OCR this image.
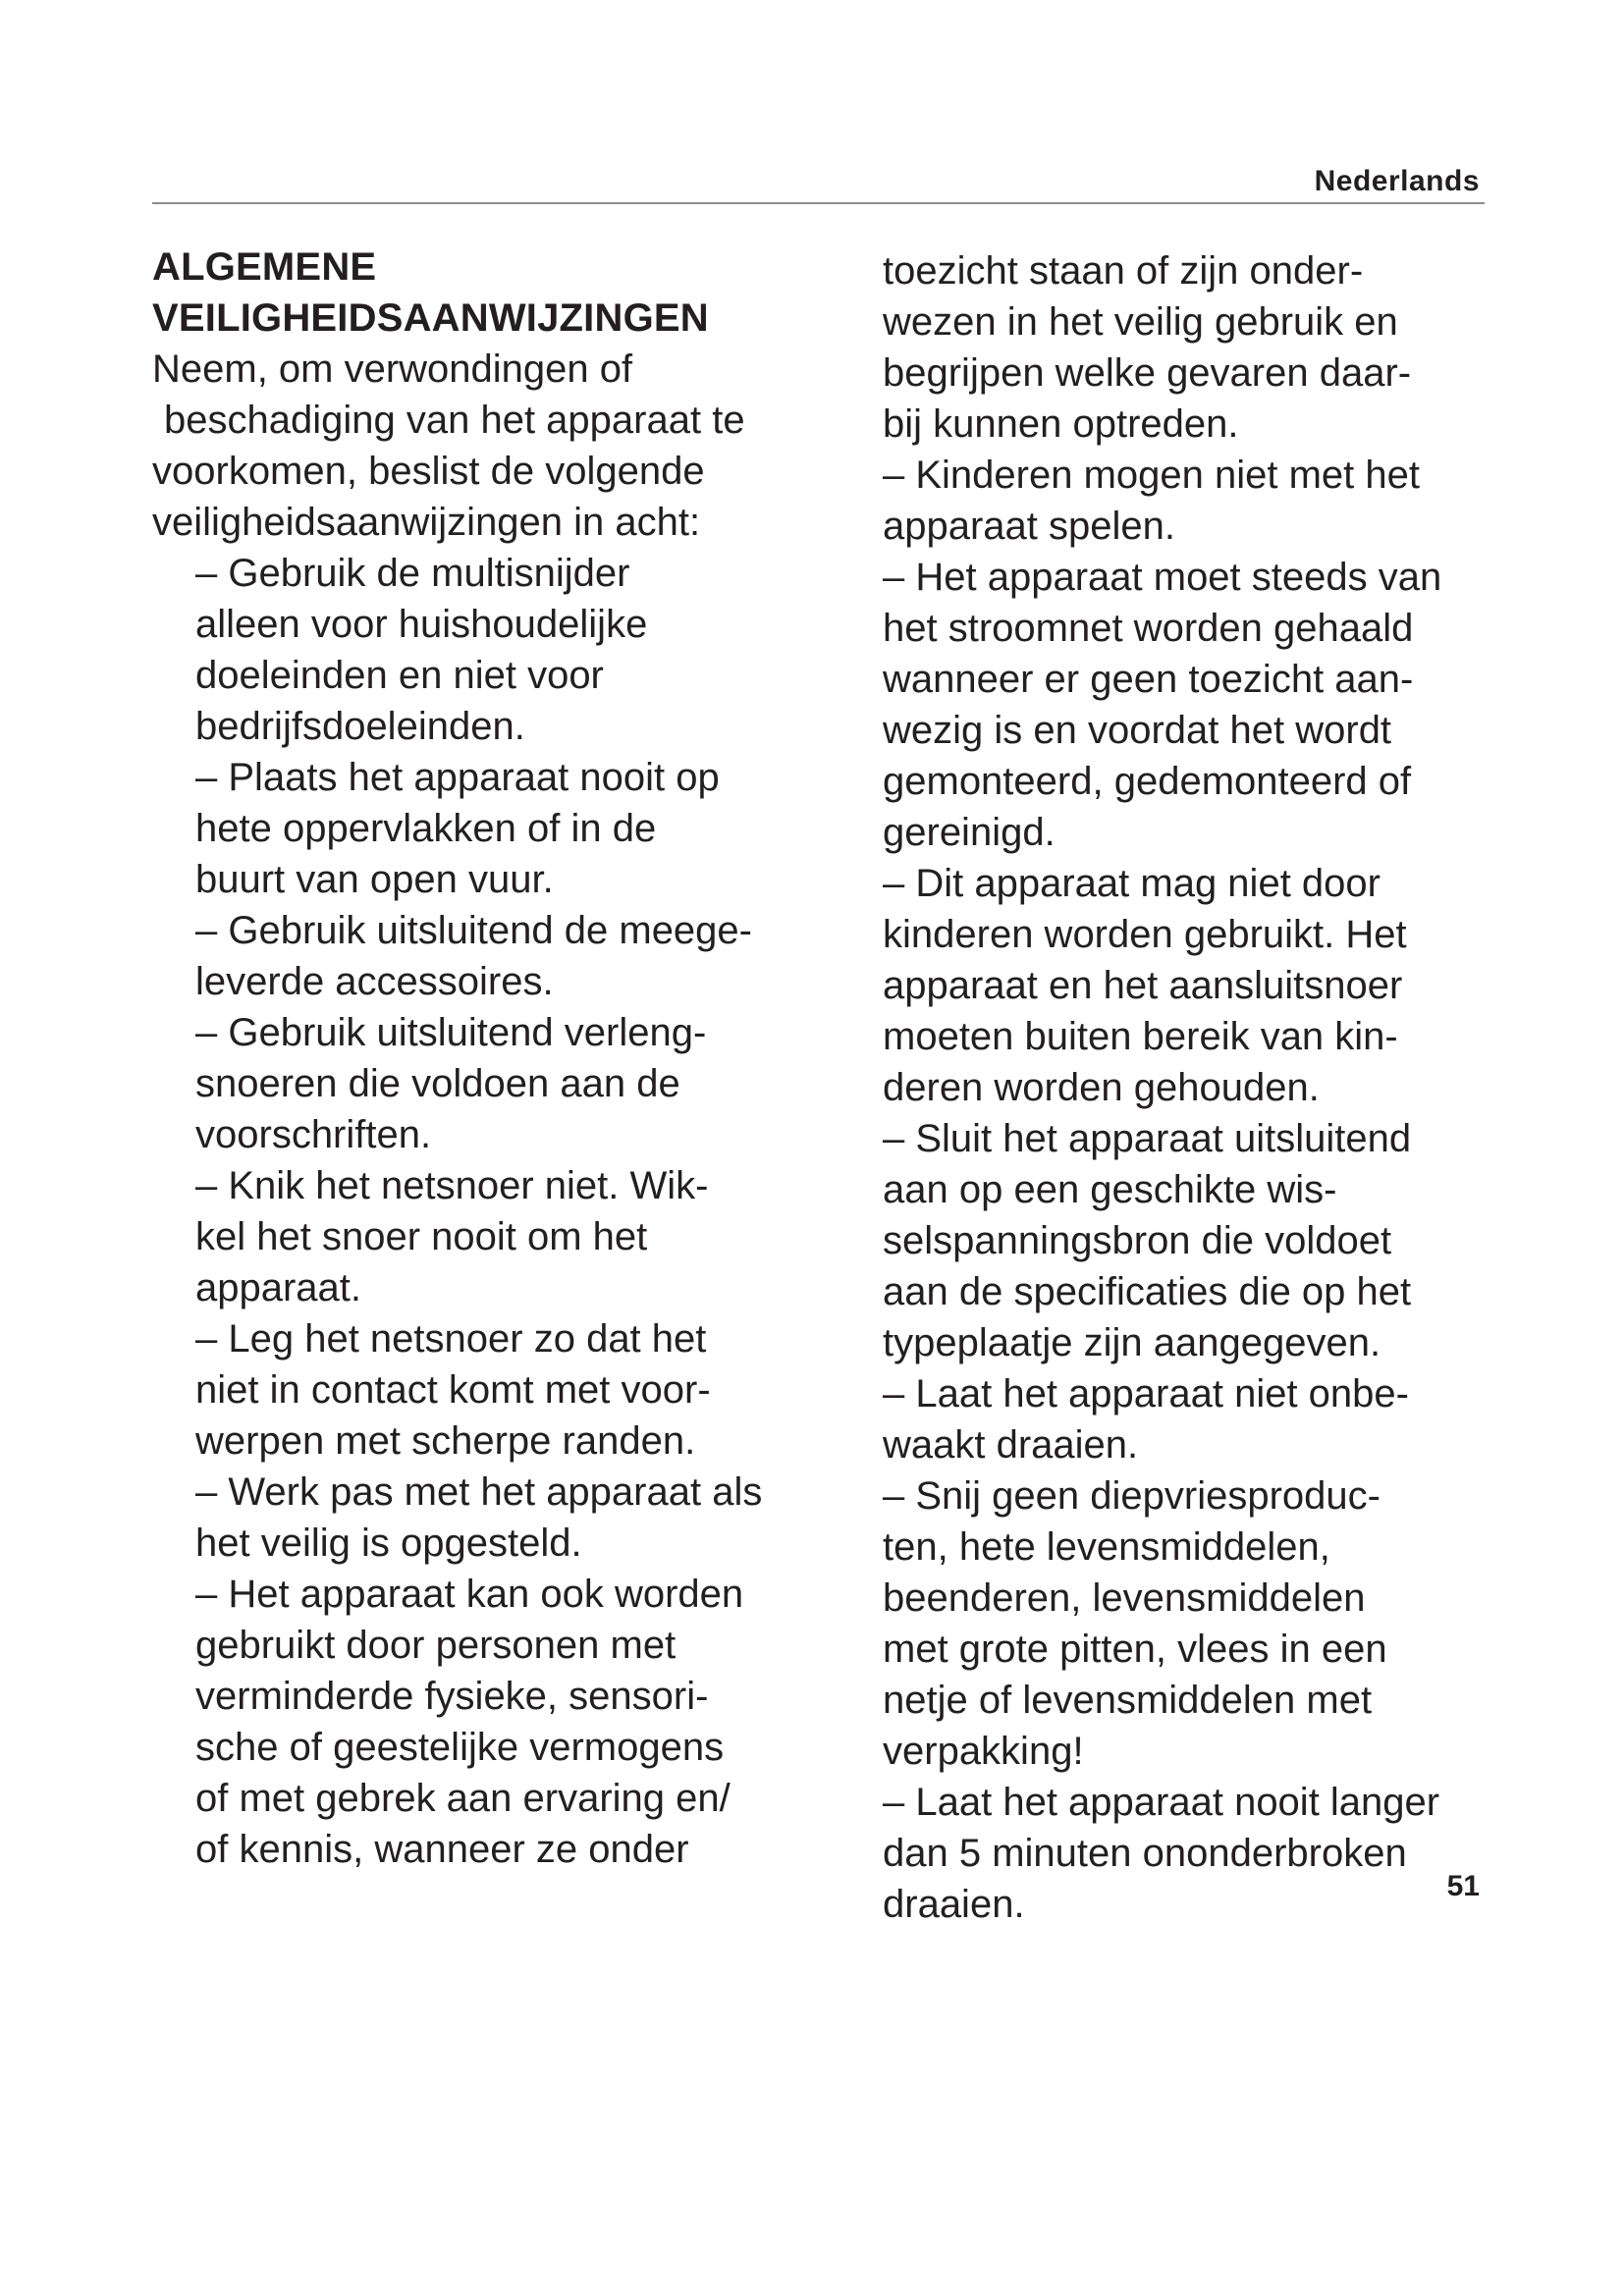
Nederlands
ALGEMENE
VEILIGHEIDSAANWIJZINGEN
Neem, om verwondingen of
beschadiging van het apparaat te
voorkomen, beslist de volgende
veiligheidsaanwijzingen in acht:
– Gebruik de multisnijder
alleen voor huishoudelijke
doeleinden en niet voor
bedrijfsdoeleinden.
– Plaats het apparaat nooit op
hete oppervlakken of in de
buurt van open vuur.
– Gebruik uitsluitend de meege-
leverde accessoires.
– Gebruik uitsluitend verleng-
snoeren die voldoen aan de
voorschriften.
– Knik het netsnoer niet. Wik-
kel het snoer nooit om het
apparaat.
– Leg het netsnoer zo dat het
niet in contact komt met voor-
werpen met scherpe randen.
– Werk pas met het apparaat als
het veilig is opgesteld.
– Het apparaat kan ook worden
gebruikt door personen met
verminderde fysieke, sensori-
sche of geestelijke vermogens
of met gebrek aan ervaring en/
of kennis, wanneer ze onder
toezicht staan of zijn onder-
wezen in het veilig gebruik en
begrijpen welke gevaren daar-
bij kunnen optreden.
– Kinderen mogen niet met het
apparaat spelen.
– Het apparaat moet steeds van
het stroomnet worden gehaald
wanneer er geen toezicht aan-
wezig is en voordat het wordt
gemonteerd, gedemonteerd of
gereinigd.
– Dit apparaat mag niet door
kinderen worden gebruikt. Het
apparaat en het aansluitsnoer
moeten buiten bereik van kin-
deren worden gehouden.
– Sluit het apparaat uitsluitend
aan op een geschikte wis-
selspanningsbron die voldoet
aan de specificaties die op het
typeplaatje zijn aangegeven.
– Laat het apparaat niet onbe-
waakt draaien.
– Snij geen diepvriesproduc-
ten, hete levensmiddelen,
beenderen, levensmiddelen
met grote pitten, vlees in een
netje of levensmiddelen met
verpakking!
– Laat het apparaat nooit langer
dan 5 minuten ononderbroken
draaien.	51
